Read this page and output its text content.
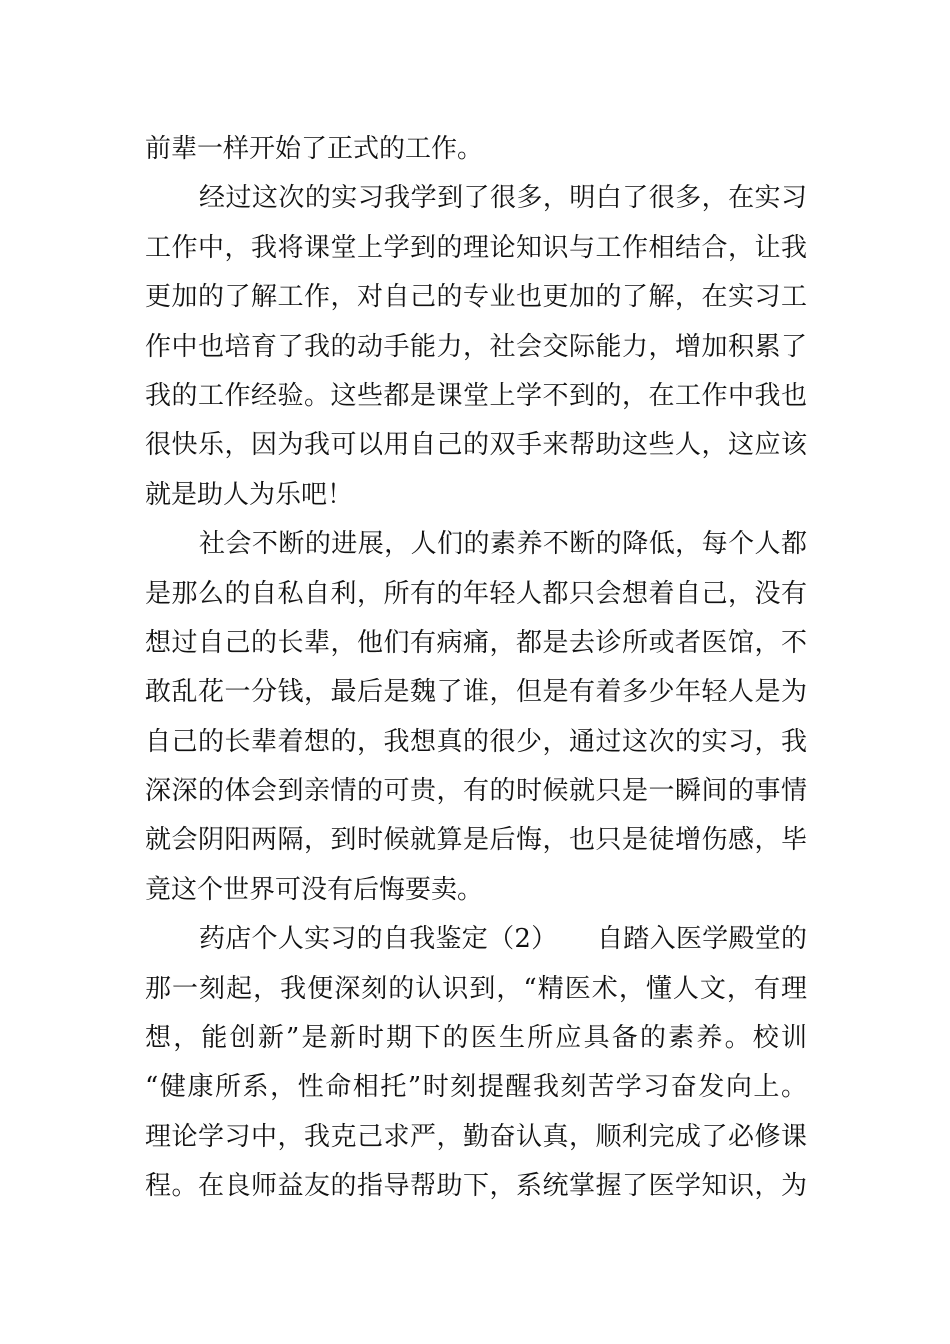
前辈一样开始了正式的工作。
经过这次的实习我学到了很多，明白了很多，在实习
工作中，我将课堂上学到的理论知识与工作相结合，让我
更加的了解工作，对自己的专业也更加的了解，在实习工
作中也培育了我的动手能力，社会交际能力，增加积累了
我的工作经验。这些都是课堂上学不到的，在工作中我也
很快乐，因为我可以用自己的双手来帮助这些人，这应该
就是助人为乐吧！
社会不断的进展，人们的素养不断的降低，每个人都
是那么的自私自利，所有的年轻人都只会想着自己，没有
想过自己的长辈，他们有病痛，都是去诊所或者医馆，不
敢乱花一分钱，最后是魏了谁，但是有着多少年轻人是为
自己的长辈着想的，我想真的很少，通过这次的实习，我
深深的体会到亲情的可贵，有的时候就只是一瞬间的事情
就会阴阳两隔，到时候就算是后悔，也只是徒增伤感，毕
竟这个世界可没有后悔要卖。
药店个人实习的自我鉴定（2）　　自踏入医学殿堂的
那一刻起，我便深刻的认识到，“精医术，懂人文，有理
想，能创新”是新时期下的医生所应具备的素养。校训
“健康所系，性命相托”时刻提醒我刻苦学习奋发向上。
理论学习中，我克己求严，勤奋认真，顺利完成了必修课
程。在良师益友的指导帮助下，系统掌握了医学知识，为
